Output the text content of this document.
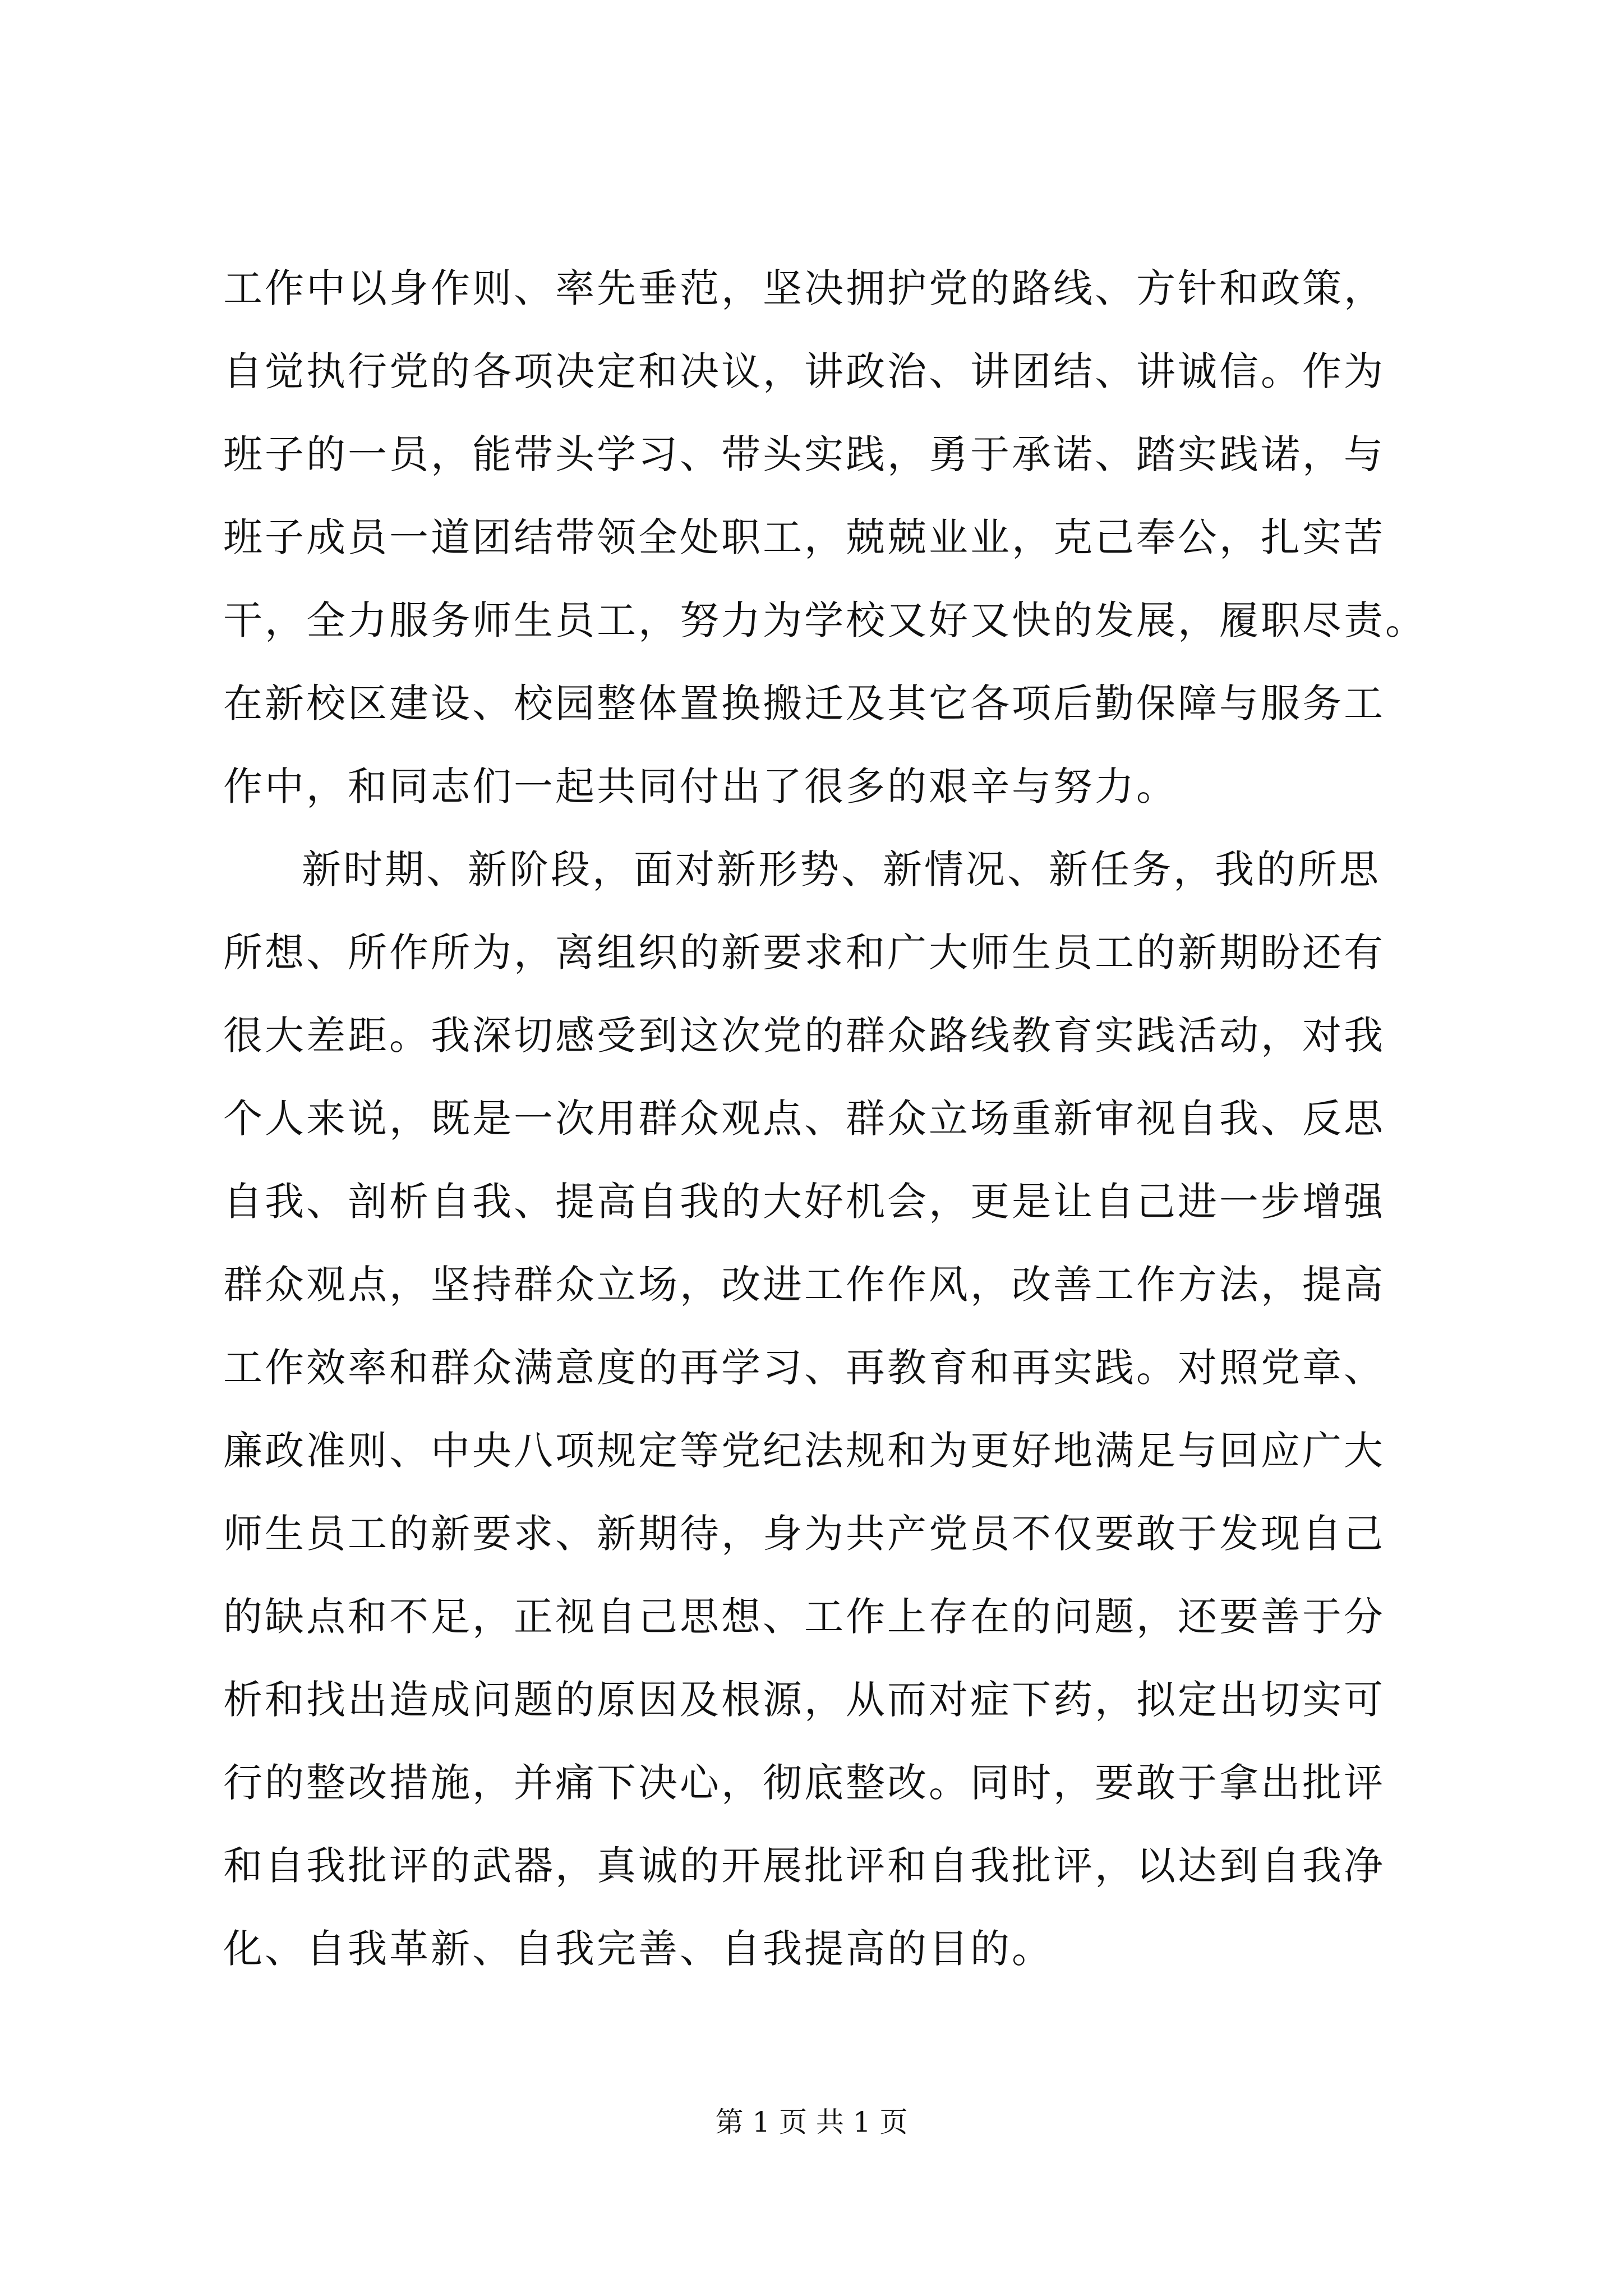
工作中以身作则、率先垂范，坚决拥护党的路线、方针和政策，
自觉执行党的各项决定和决议，讲政治、讲团结、讲诚信。作为
班子的一员，能带头学习、带头实践，勇于承诺、踏实践诺，与
班子成员一道团结带领全处职工，兢兢业业，克己奉公，扎实苦
干，全力服务师生员工，努力为学校又好又快的发展，履职尽责。
在新校区建设、校园整体置换搬迁及其它各项后勤保障与服务工
作中，和同志们一起共同付出了很多的艰辛与努力。
新时期、新阶段，面对新形势、新情况、新任务，我的所思
所想、所作所为，离组织的新要求和广大师生员工的新期盼还有
很大差距。我深切感受到这次党的群众路线教育实践活动，对我
个人来说，既是一次用群众观点、群众立场重新审视自我、反思
自我、剖析自我、提高自我的大好机会，更是让自己进一步增强
群众观点，坚持群众立场，改进工作作风，改善工作方法，提高
工作效率和群众满意度的再学习、再教育和再实践。对照党章、
廉政准则、中央八项规定等党纪法规和为更好地满足与回应广大
师生员工的新要求、新期待，身为共产党员不仅要敢于发现自己
的缺点和不足，正视自己思想、工作上存在的问题，还要善于分
析和找出造成问题的原因及根源，从而对症下药，拟定出切实可
行的整改措施，并痛下决心，彻底整改。同时，要敢于拿出批评
和自我批评的武器，真诚的开展批评和自我批评，以达到自我净
化、自我革新、自我完善、自我提高的目的。
第 1 页 共 1 页
